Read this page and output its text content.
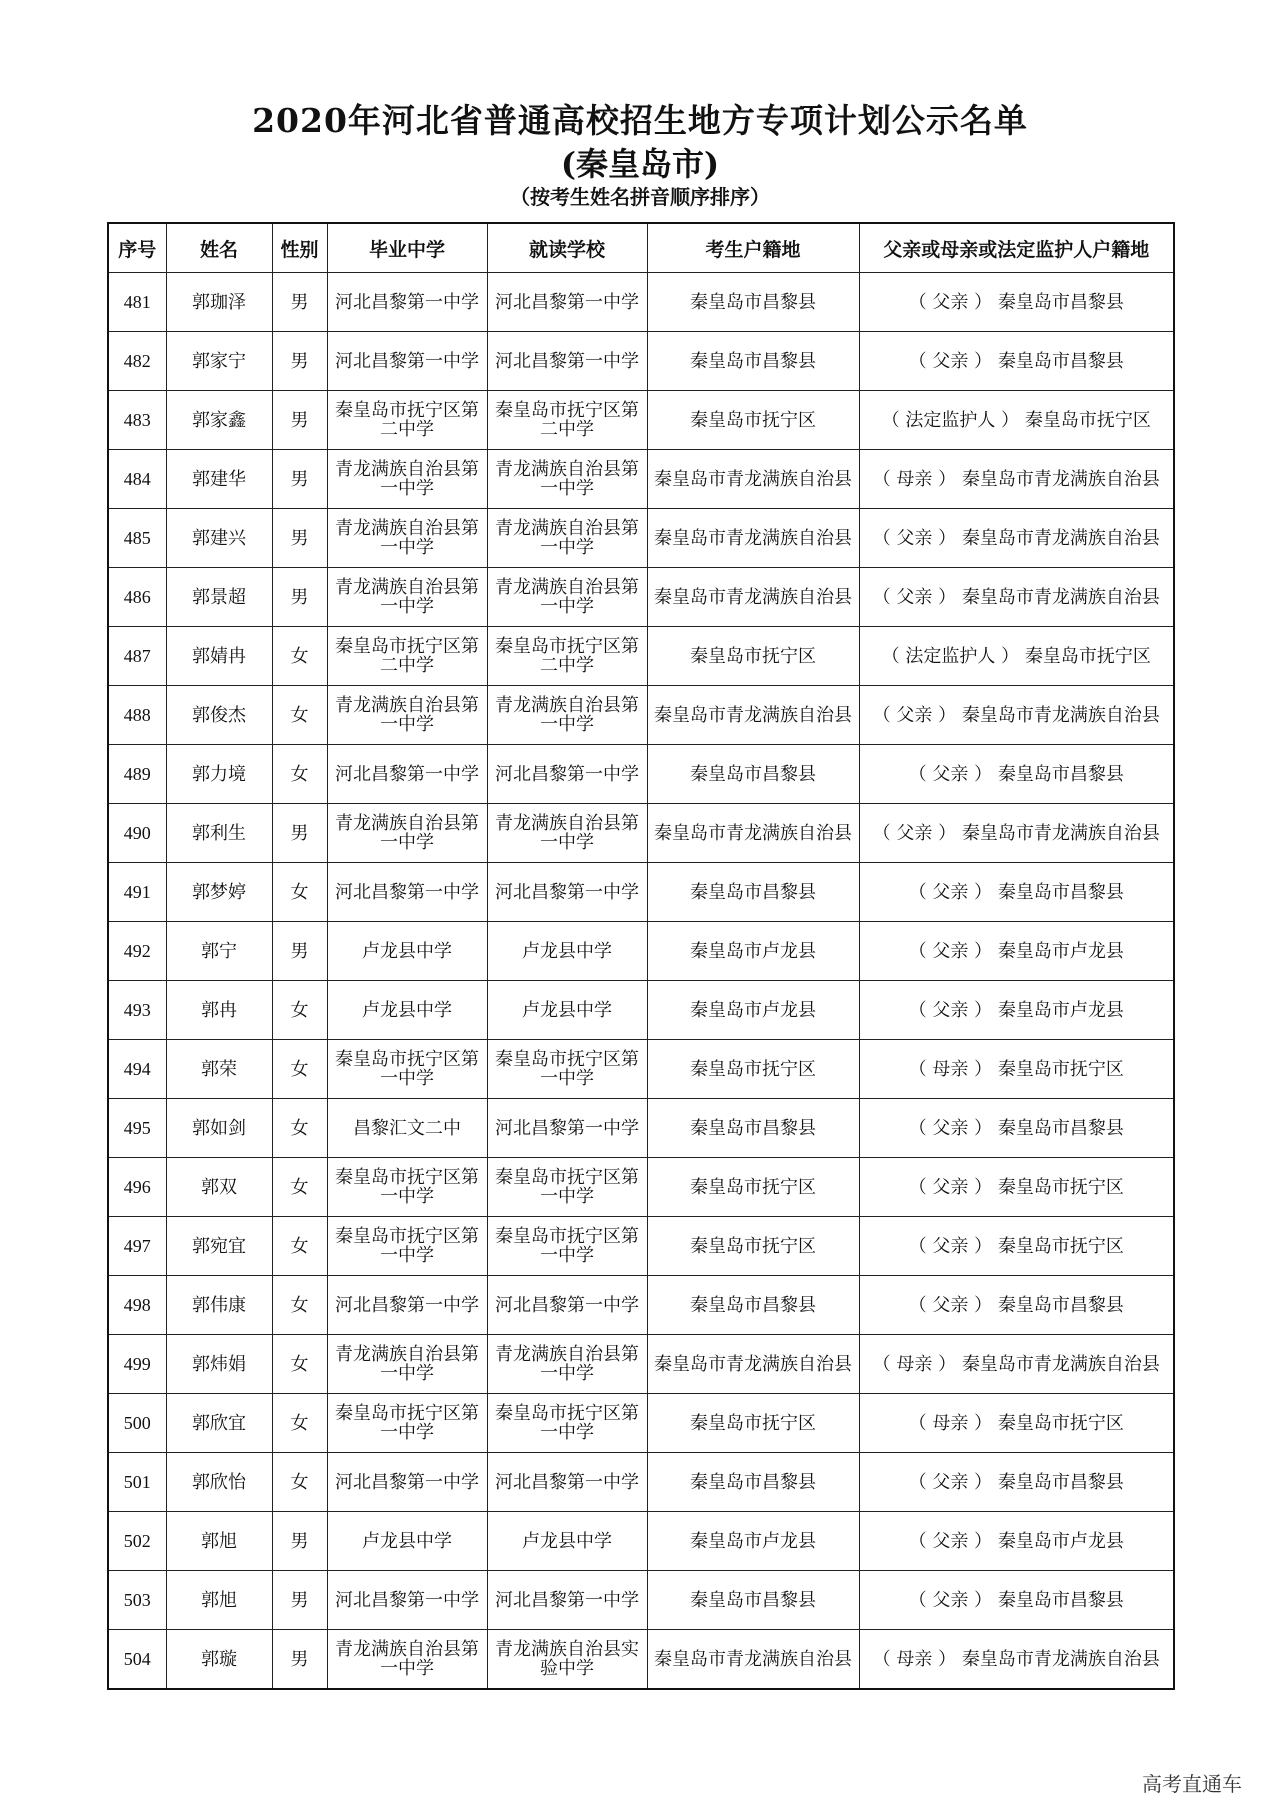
2020年河北省普通高校招生地方专项计划公示名单
(秦皇岛市)
（按考生姓名拼音顺序排序）
序号	姓名	性别	毕业中学	就读学校	考生户籍地	父亲或母亲或法定监护人户籍地
481	郭珈泽	男	河北昌黎第一中学	河北昌黎第一中学	秦皇岛市昌黎县	（ 父亲 ） 秦皇岛市昌黎县
482	郭家宁	男	河北昌黎第一中学	河北昌黎第一中学	秦皇岛市昌黎县	（ 父亲 ） 秦皇岛市昌黎县
483	郭家鑫	男	秦皇岛市抚宁区第二中学	秦皇岛市抚宁区第二中学	秦皇岛市抚宁区	（ 法定监护人 ） 秦皇岛市抚宁区
484	郭建华	男	青龙满族自治县第一中学	青龙满族自治县第一中学	秦皇岛市青龙满族自治县	（ 母亲 ） 秦皇岛市青龙满族自治县
485	郭建兴	男	青龙满族自治县第一中学	青龙满族自治县第一中学	秦皇岛市青龙满族自治县	（ 父亲 ） 秦皇岛市青龙满族自治县
486	郭景超	男	青龙满族自治县第一中学	青龙满族自治县第一中学	秦皇岛市青龙满族自治县	（ 父亲 ） 秦皇岛市青龙满族自治县
487	郭婧冉	女	秦皇岛市抚宁区第二中学	秦皇岛市抚宁区第二中学	秦皇岛市抚宁区	（ 法定监护人 ） 秦皇岛市抚宁区
488	郭俊杰	女	青龙满族自治县第一中学	青龙满族自治县第一中学	秦皇岛市青龙满族自治县	（ 父亲 ） 秦皇岛市青龙满族自治县
489	郭力境	女	河北昌黎第一中学	河北昌黎第一中学	秦皇岛市昌黎县	（ 父亲 ） 秦皇岛市昌黎县
490	郭利生	男	青龙满族自治县第一中学	青龙满族自治县第一中学	秦皇岛市青龙满族自治县	（ 父亲 ） 秦皇岛市青龙满族自治县
491	郭梦婷	女	河北昌黎第一中学	河北昌黎第一中学	秦皇岛市昌黎县	（ 父亲 ） 秦皇岛市昌黎县
492	郭宁	男	卢龙县中学	卢龙县中学	秦皇岛市卢龙县	（ 父亲 ） 秦皇岛市卢龙县
493	郭冉	女	卢龙县中学	卢龙县中学	秦皇岛市卢龙县	（ 父亲 ） 秦皇岛市卢龙县
494	郭荣	女	秦皇岛市抚宁区第一中学	秦皇岛市抚宁区第一中学	秦皇岛市抚宁区	（ 母亲 ） 秦皇岛市抚宁区
495	郭如剑	女	昌黎汇文二中	河北昌黎第一中学	秦皇岛市昌黎县	（ 父亲 ） 秦皇岛市昌黎县
496	郭双	女	秦皇岛市抚宁区第一中学	秦皇岛市抚宁区第一中学	秦皇岛市抚宁区	（ 父亲 ） 秦皇岛市抚宁区
497	郭宛宜	女	秦皇岛市抚宁区第一中学	秦皇岛市抚宁区第一中学	秦皇岛市抚宁区	（ 父亲 ） 秦皇岛市抚宁区
498	郭伟康	女	河北昌黎第一中学	河北昌黎第一中学	秦皇岛市昌黎县	（ 父亲 ） 秦皇岛市昌黎县
499	郭炜娟	女	青龙满族自治县第一中学	青龙满族自治县第一中学	秦皇岛市青龙满族自治县	（ 母亲 ） 秦皇岛市青龙满族自治县
500	郭欣宜	女	秦皇岛市抚宁区第一中学	秦皇岛市抚宁区第一中学	秦皇岛市抚宁区	（ 母亲 ） 秦皇岛市抚宁区
501	郭欣怡	女	河北昌黎第一中学	河北昌黎第一中学	秦皇岛市昌黎县	（ 父亲 ） 秦皇岛市昌黎县
502	郭旭	男	卢龙县中学	卢龙县中学	秦皇岛市卢龙县	（ 父亲 ） 秦皇岛市卢龙县
503	郭旭	男	河北昌黎第一中学	河北昌黎第一中学	秦皇岛市昌黎县	（ 父亲 ） 秦皇岛市昌黎县
504	郭璇	男	青龙满族自治县第一中学	青龙满族自治县实验中学	秦皇岛市青龙满族自治县	（ 母亲 ） 秦皇岛市青龙满族自治县
高考直通车
